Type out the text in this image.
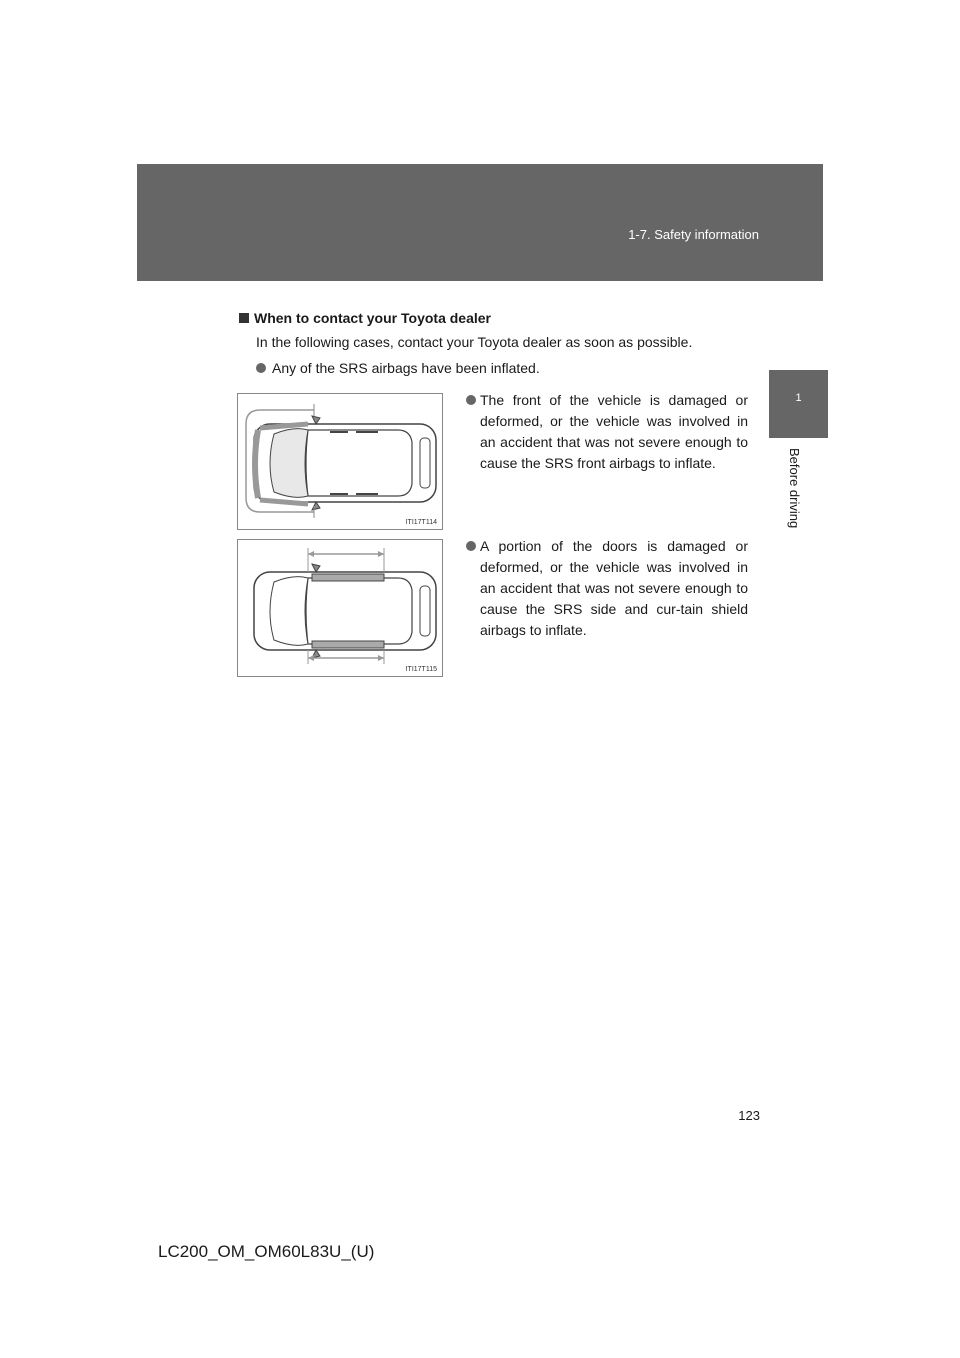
1-7. Safety information
1
Before driving
When to contact your Toyota dealer
In the following cases, contact your Toyota dealer as soon as possible.
Any of the SRS airbags have been inflated.
ITI17T114
ITI17T115

The front of the vehicle is damaged or deformed, or the vehicle was involved in an accident that was not severe enough to cause the SRS front airbags to inflate.

A portion of the doors is damaged or deformed, or the vehicle was involved in an accident that was not severe enough to cause the SRS side and cur-tain shield airbags to inflate.

123
LC200_OM_OM60L83U_(U)
